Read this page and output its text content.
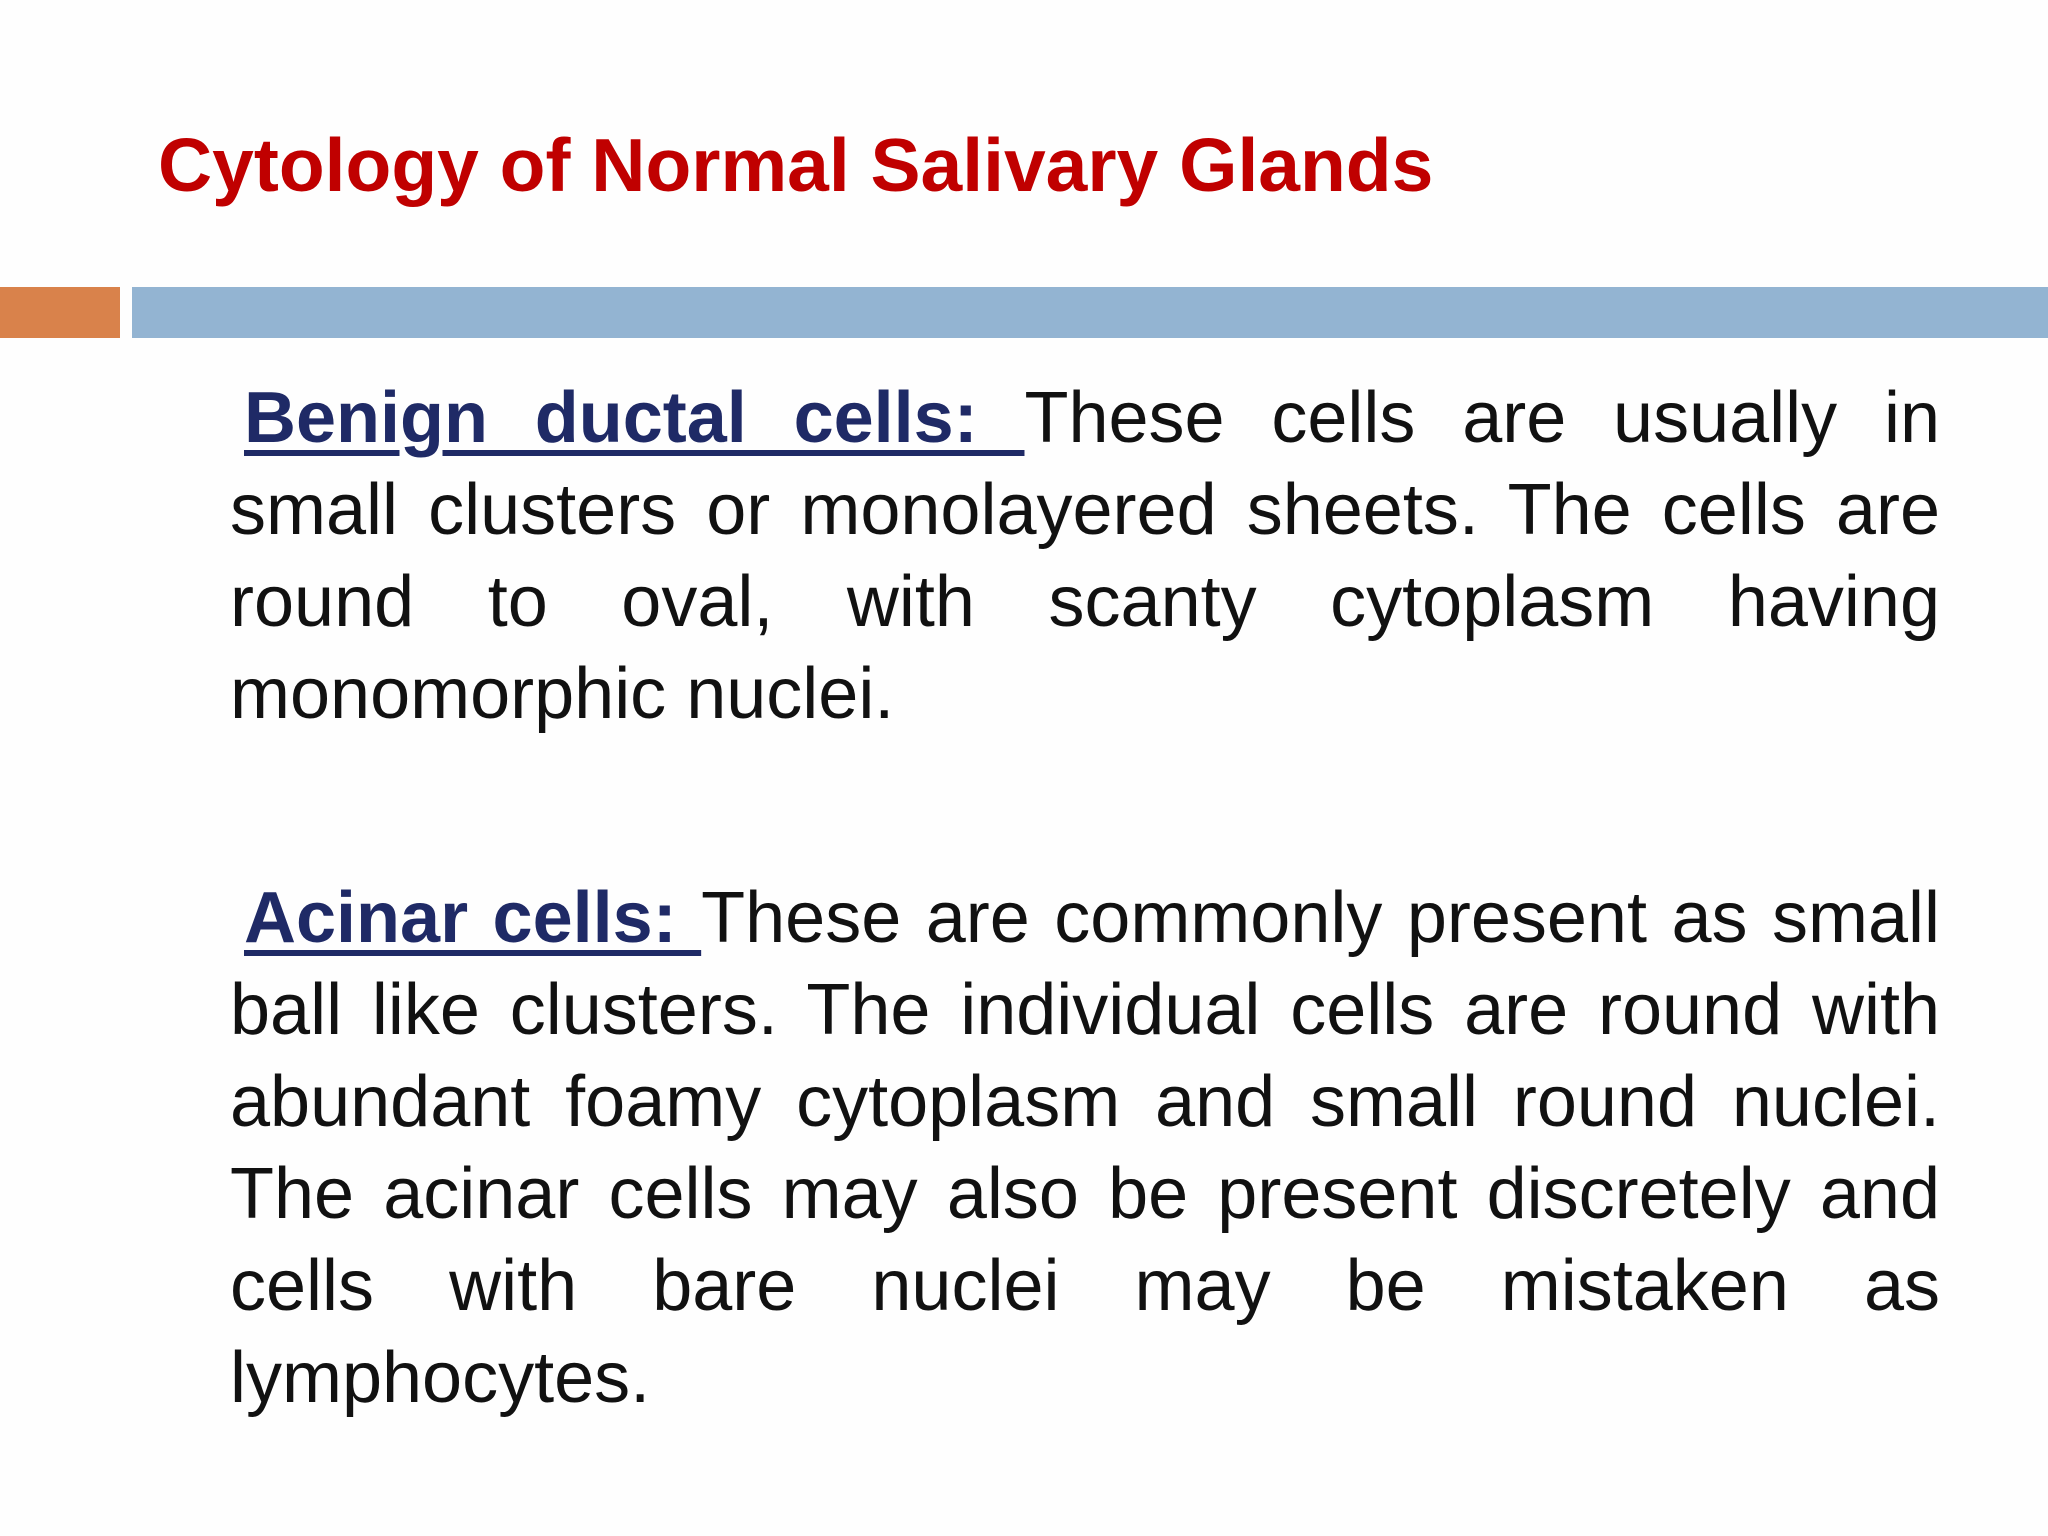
Cytology of Normal Salivary Glands

Benign ductal cells: These cells are usually in small clusters or monolayered sheets. The cells are round to oval, with scanty cytoplasm having monomorphic nuclei.

Acinar cells: These are commonly present as small ball like clusters. The individual cells are round with abundant foamy cytoplasm and small round nuclei. The acinar cells may also be present discretely and cells with bare nuclei may be mistaken as lymphocytes.
